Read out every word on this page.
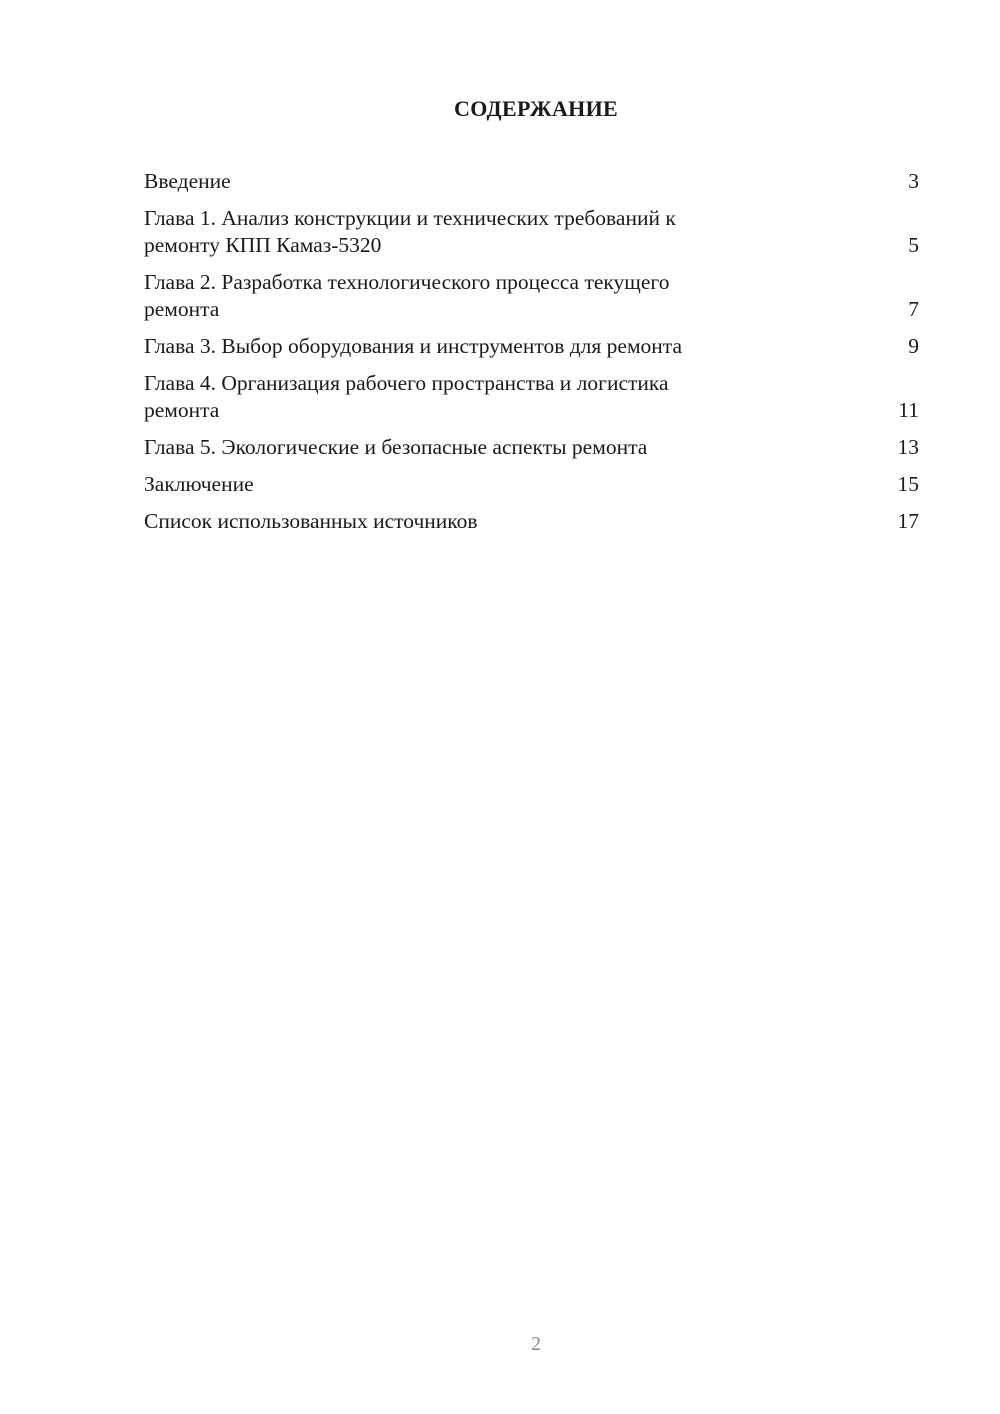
СОДЕРЖАНИЕ
Введение	3
Глава 1. Анализ конструкции и технических требований к
ремонту КПП Камаз-5320	5
Глава 2. Разработка технологического процесса текущего
ремонта	7
Глава 3. Выбор оборудования и инструментов для ремонта	9
Глава 4. Организация рабочего пространства и логистика
ремонта	11
Глава 5. Экологические и безопасные аспекты ремонта	13
Заключение	15
Список использованных источников	17
2
